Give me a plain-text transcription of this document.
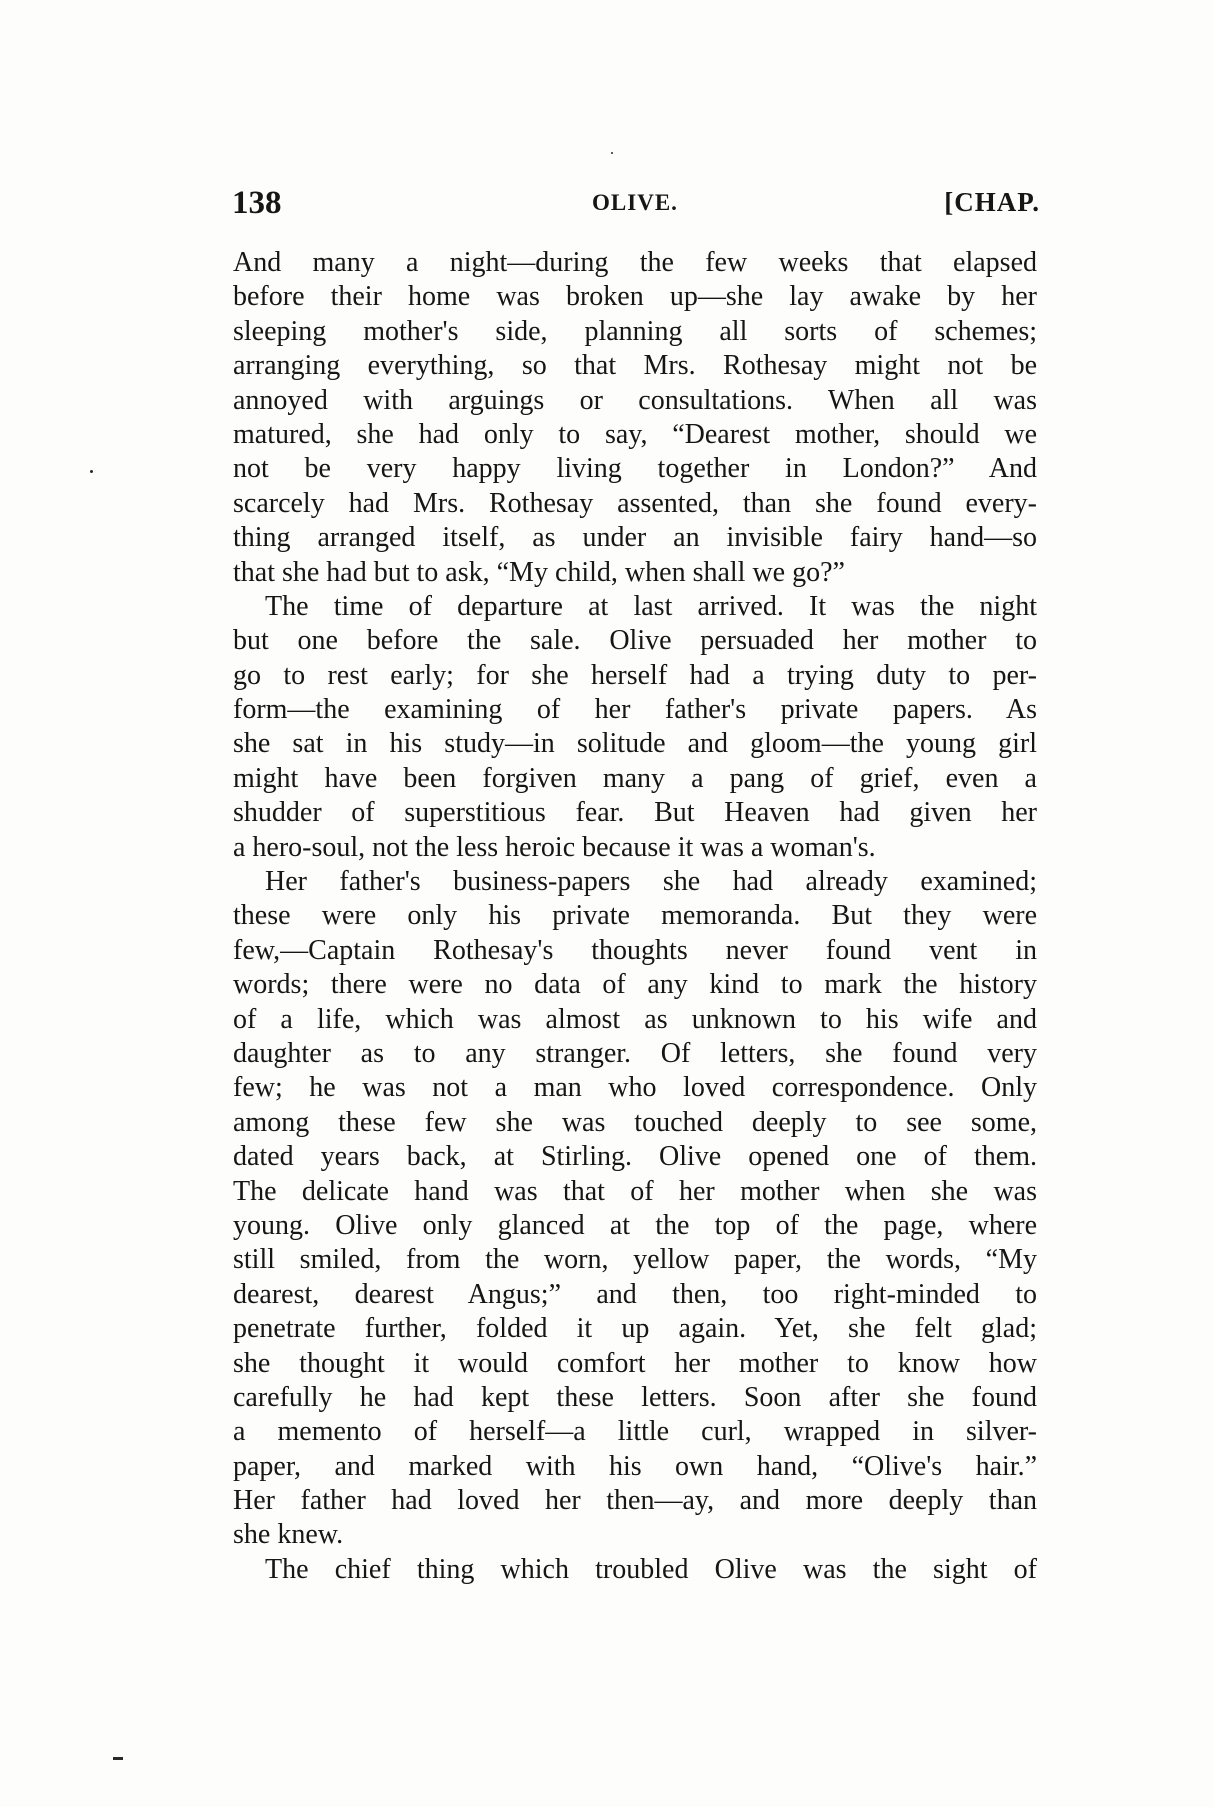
138	OLIVE.	[CHAP.
And many a night—during the few weeks that elapsed
before their home was broken up—she lay awake by her
sleeping mother's side, planning all sorts of schemes;
arranging everything, so that Mrs. Rothesay might not be
annoyed with arguings or consultations. When all was
matured, she had only to say, “Dearest mother, should we
not be very happy living together in London?” And
scarcely had Mrs. Rothesay assented, than she found every-
thing arranged itself, as under an invisible fairy hand—so
that she had but to ask, “My child, when shall we go?”
The time of departure at last arrived. It was the night
but one before the sale. Olive persuaded her mother to
go to rest early; for she herself had a trying duty to per-
form—the examining of her father's private papers. As
she sat in his study—in solitude and gloom—the young girl
might have been forgiven many a pang of grief, even a
shudder of superstitious fear. But Heaven had given her
a hero-soul, not the less heroic because it was a woman's.
Her father's business-papers she had already examined;
these were only his private memoranda. But they were
few,—Captain Rothesay's thoughts never found vent in
words; there were no data of any kind to mark the history
of a life, which was almost as unknown to his wife and
daughter as to any stranger. Of letters, she found very
few; he was not a man who loved correspondence. Only
among these few she was touched deeply to see some,
dated years back, at Stirling. Olive opened one of them.
The delicate hand was that of her mother when she was
young. Olive only glanced at the top of the page, where
still smiled, from the worn, yellow paper, the words, “My
dearest, dearest Angus;” and then, too right-minded to
penetrate further, folded it up again. Yet, she felt glad;
she thought it would comfort her mother to know how
carefully he had kept these letters. Soon after she found
a memento of herself—a little curl, wrapped in silver-
paper, and marked with his own hand, “Olive's hair.”
Her father had loved her then—ay, and more deeply than
she knew.
The chief thing which troubled Olive was the sight of
